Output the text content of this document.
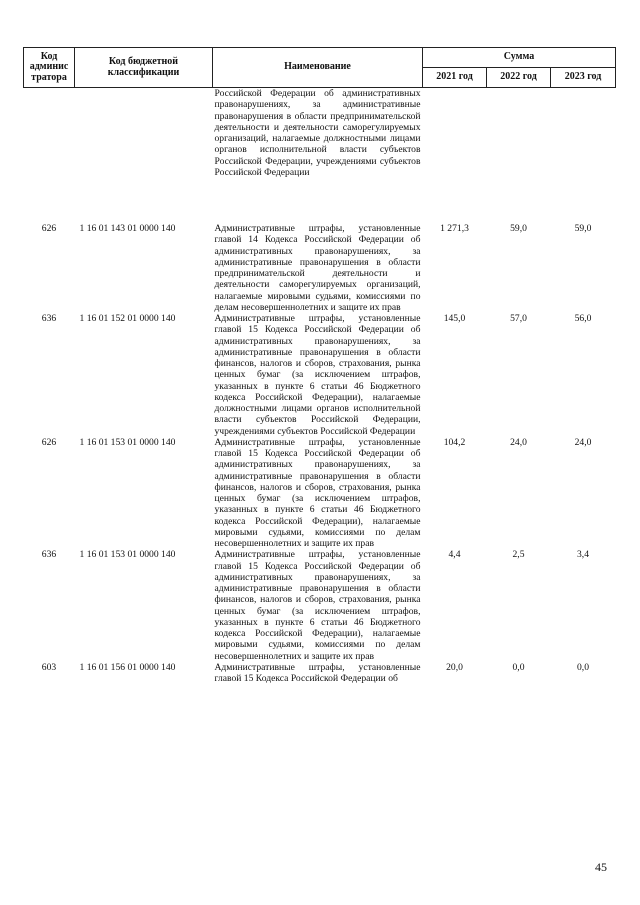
Код админис тратора	Код бюджетной классификации	Наименование	Сумма		
			2021 год	2022 год	2023 год
		Российской Федерации об административных правонарушениях, за административные правонарушения в области предпринимательской деятельности и деятельности саморегулируемых организаций, налагаемые должностными лицами органов исполнительной власти субъектов Российской Федерации, учреждениями субъектов Российской Федерации			
626	1 16 01 143 01 0000 140	Административные штрафы, установленные главой 14 Кодекса Российской Федерации об административных правонарушениях, за административные правонарушения в области предпринимательской деятельности и деятельности саморегулируемых организаций, налагаемые мировыми судьями, комиссиями по делам несовершеннолетних и защите их прав	1 271,3	59,0	59,0
636	1 16 01 152 01 0000 140	Административные штрафы, установленные главой 15 Кодекса Российской Федерации об административных правонарушениях, за административные правонарушения в области финансов, налогов и сборов, страхования, рынка ценных бумаг (за исключением штрафов, указанных в пункте 6 статьи 46 Бюджетного кодекса Российской Федерации), налагаемые должностными лицами органов исполнительной власти субъектов Российской Федерации, учреждениями субъектов Российской Федерации	145,0	57,0	56,0
626	1 16 01 153 01 0000 140	Административные штрафы, установленные главой 15 Кодекса Российской Федерации об административных правонарушениях, за административные правонарушения в области финансов, налогов и сборов, страхования, рынка ценных бумаг (за исключением штрафов, указанных в пункте 6 статьи 46 Бюджетного кодекса Российской Федерации), налагаемые мировыми судьями, комиссиями по делам несовершеннолетних и защите их прав	104,2	24,0	24,0
636	1 16 01 153 01 0000 140	Административные штрафы, установленные главой 15 Кодекса Российской Федерации об административных правонарушениях, за административные правонарушения в области финансов, налогов и сборов, страхования, рынка ценных бумаг (за исключением штрафов, указанных в пункте 6 статьи 46 Бюджетного кодекса Российской Федерации), налагаемые мировыми судьями, комиссиями по делам несовершеннолетних и защите их прав	4,4	2,5	3,4
603	1 16 01 156 01 0000 140	Административные штрафы, установленные главой 15 Кодекса Российской Федерации об	20,0	0,0	0,0
45
